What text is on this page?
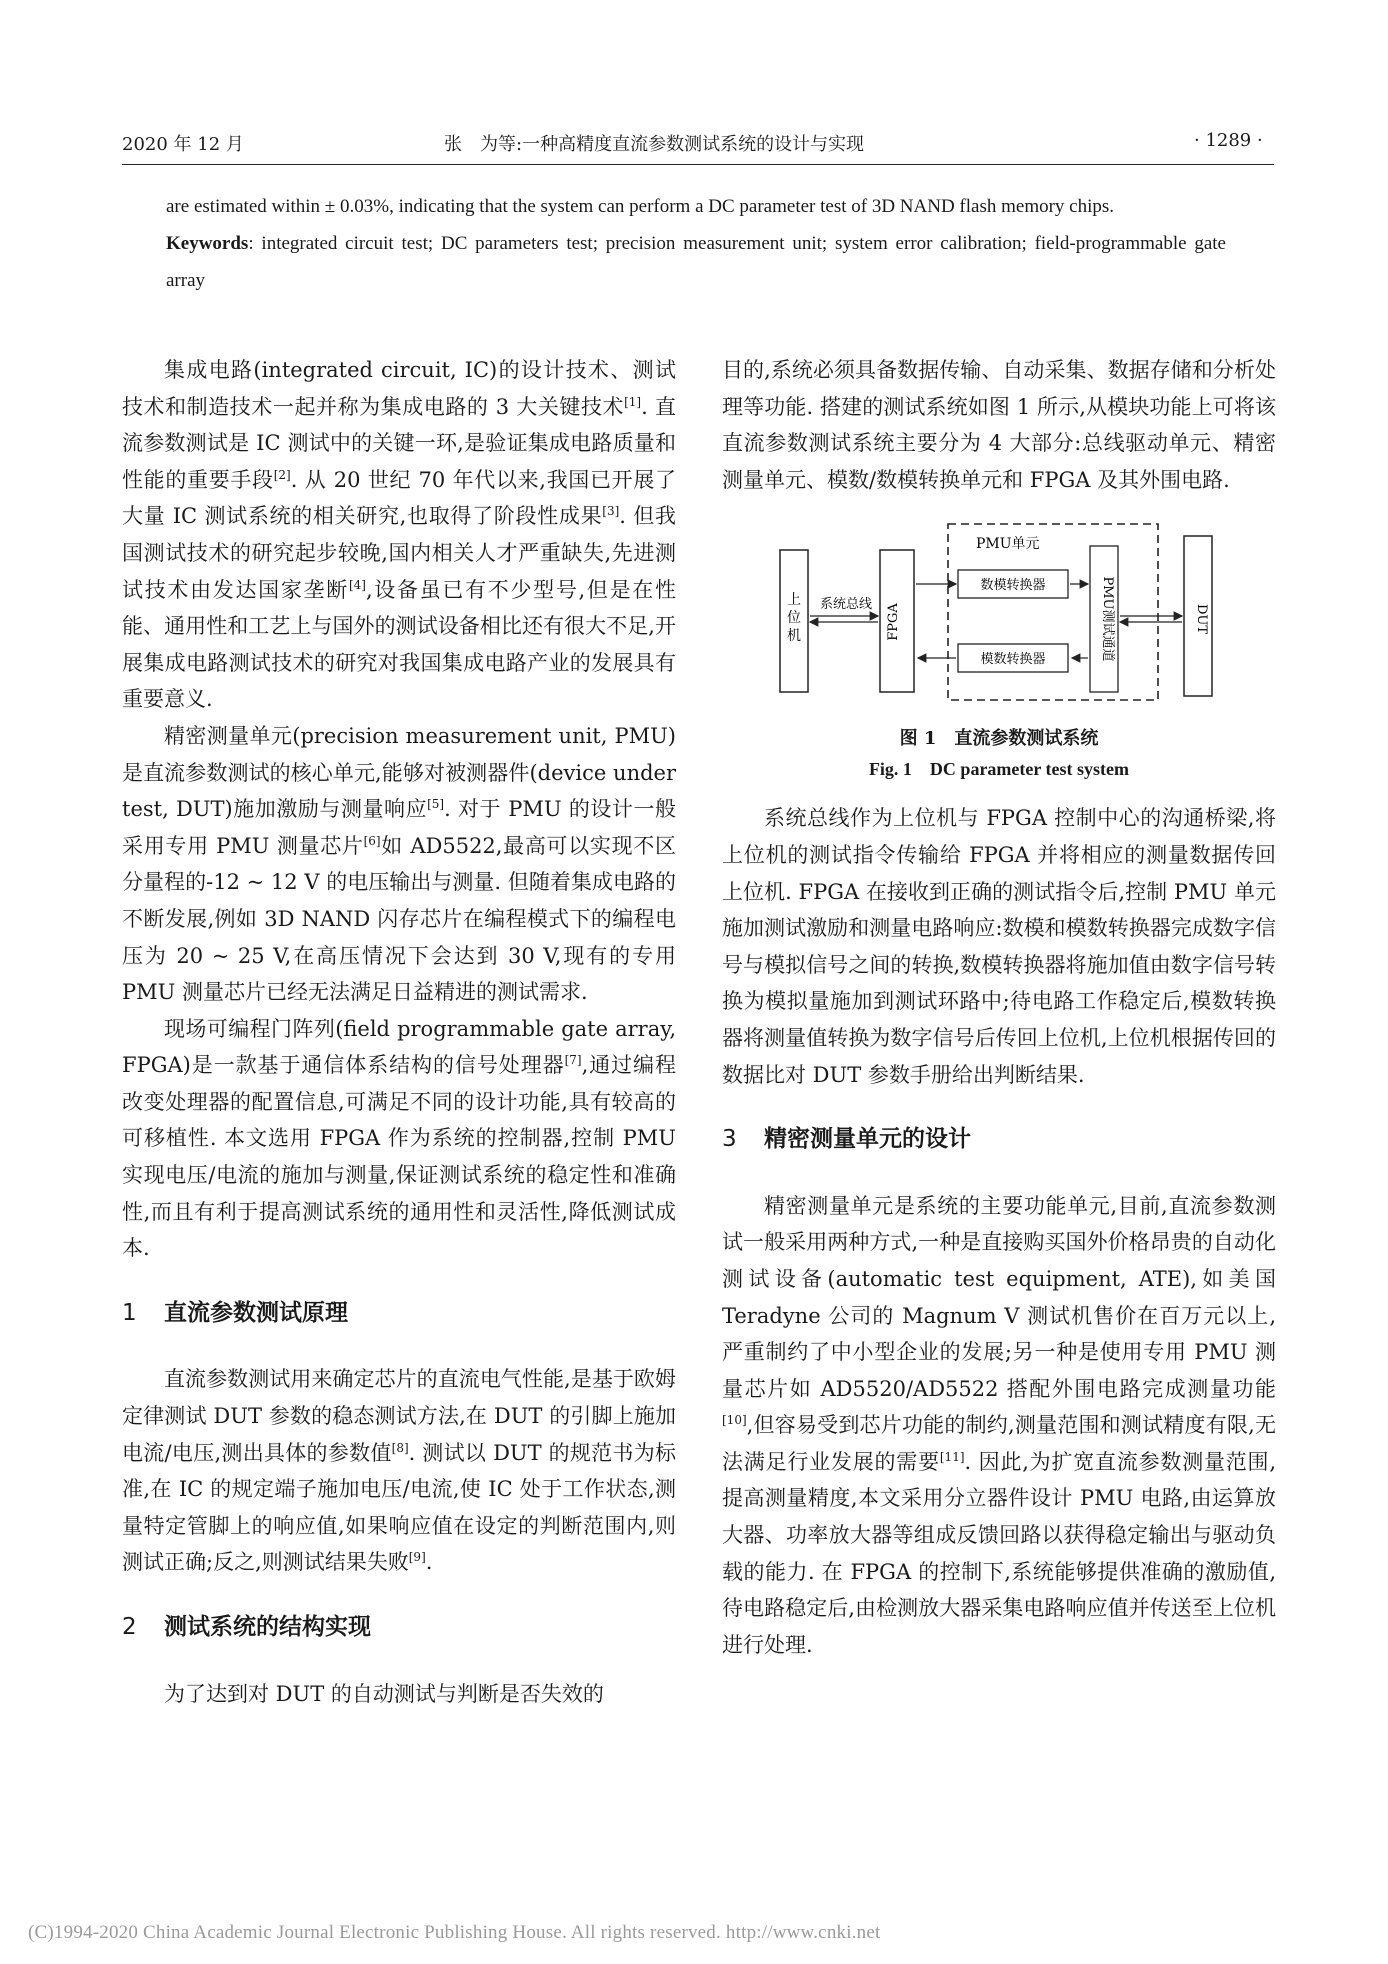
2020 年 12 月	张　为等:一种高精度直流参数测试系统的设计与实现	· 1289 ·

are estimated within ± 0.03%, indicating that the system can perform a DC parameter test of 3D NAND flash memory chips.

Keywords: integrated circuit test; DC parameters test; precision measurement unit; system error calibration; field-programmable gate array

集成电路(integrated circuit, IC)的设计技术、测试技术和制造技术一起并称为集成电路的 3 大关键技术[1]. 直流参数测试是 IC 测试中的关键一环,是验证集成电路质量和性能的重要手段[2]. 从 20 世纪 70 年代以来,我国已开展了大量 IC 测试系统的相关研究,也取得了阶段性成果[3]. 但我国测试技术的研究起步较晚,国内相关人才严重缺失,先进测试技术由发达国家垄断[4],设备虽已有不少型号,但是在性能、通用性和工艺上与国外的测试设备相比还有很大不足,开展集成电路测试技术的研究对我国集成电路产业的发展具有重要意义.

精密测量单元(precision measurement unit, PMU)是直流参数测试的核心单元,能够对被测器件(device under test, DUT)施加激励与测量响应[5]. 对于 PMU 的设计一般采用专用 PMU 测量芯片[6]如 AD5522,最高可以实现不区分量程的-12 ~ 12 V 的电压输出与测量. 但随着集成电路的不断发展,例如 3D NAND 闪存芯片在编程模式下的编程电压为 20 ~ 25 V,在高压情况下会达到 30 V,现有的专用 PMU 测量芯片已经无法满足日益精进的测试需求.

现场可编程门阵列(field programmable gate array, FPGA)是一款基于通信体系结构的信号处理器[7],通过编程改变处理器的配置信息,可满足不同的设计功能,具有较高的可移植性. 本文选用 FPGA 作为系统的控制器,控制 PMU 实现电压/电流的施加与测量,保证测试系统的稳定性和准确性,而且有利于提高测试系统的通用性和灵活性,降低测试成本.

1 直流参数测试原理

直流参数测试用来确定芯片的直流电气性能,是基于欧姆定律测试 DUT 参数的稳态测试方法,在 DUT 的引脚上施加电流/电压,测出具体的参数值[8]. 测试以 DUT 的规范书为标准,在 IC 的规定端子施加电压/电流,使 IC 处于工作状态,测量特定管脚上的响应值,如果响应值在设定的判断范围内,则测试正确;反之,则测试结果失败[9].

2 测试系统的结构实现

为了达到对 DUT 的自动测试与判断是否失效的

目的,系统必须具备数据传输、自动采集、数据存储和分析处理等功能. 搭建的测试系统如图 1 所示,从模块功能上可将该直流参数测试系统主要分为 4 大部分:总线驱动单元、精密测量单元、模数/数模转换单元和 FPGA 及其外围电路.

上
位
机
系统总线 FPGA
PMU单元
数模转换器
模数转换器	PMU测试通道	DUT
图 1　直流参数测试系统
Fig. 1　DC parameter test system

系统总线作为上位机与 FPGA 控制中心的沟通桥梁,将上位机的测试指令传输给 FPGA 并将相应的测量数据传回上位机. FPGA 在接收到正确的测试指令后,控制 PMU 单元施加测试激励和测量电路响应:数模和模数转换器完成数字信号与模拟信号之间的转换,数模转换器将施加值由数字信号转换为模拟量施加到测试环路中;待电路工作稳定后,模数转换器将测量值转换为数字信号后传回上位机,上位机根据传回的数据比对 DUT 参数手册给出判断结果.

3 精密测量单元的设计

精密测量单元是系统的主要功能单元,目前,直流参数测试一般采用两种方式,一种是直接购买国外价格昂贵的自动化测试设备(automatic test equipment, ATE),如美国 Teradyne 公司的 Magnum V 测试机售价在百万元以上,严重制约了中小型企业的发展;另一种是使用专用 PMU 测量芯片如 AD5520/AD5522 搭配外围电路完成测量功能[10],但容易受到芯片功能的制约,测量范围和测试精度有限,无法满足行业发展的需要[11]. 因此,为扩宽直流参数测量范围,提高测量精度,本文采用分立器件设计 PMU 电路,由运算放大器、功率放大器等组成反馈回路以获得稳定输出与驱动负载的能力. 在 FPGA 的控制下,系统能够提供准确的激励值,待电路稳定后,由检测放大器采集电路响应值并传送至上位机进行处理.

(C)1994-2020 China Academic Journal Electronic Publishing House. All rights reserved. http://www.cnki.net
